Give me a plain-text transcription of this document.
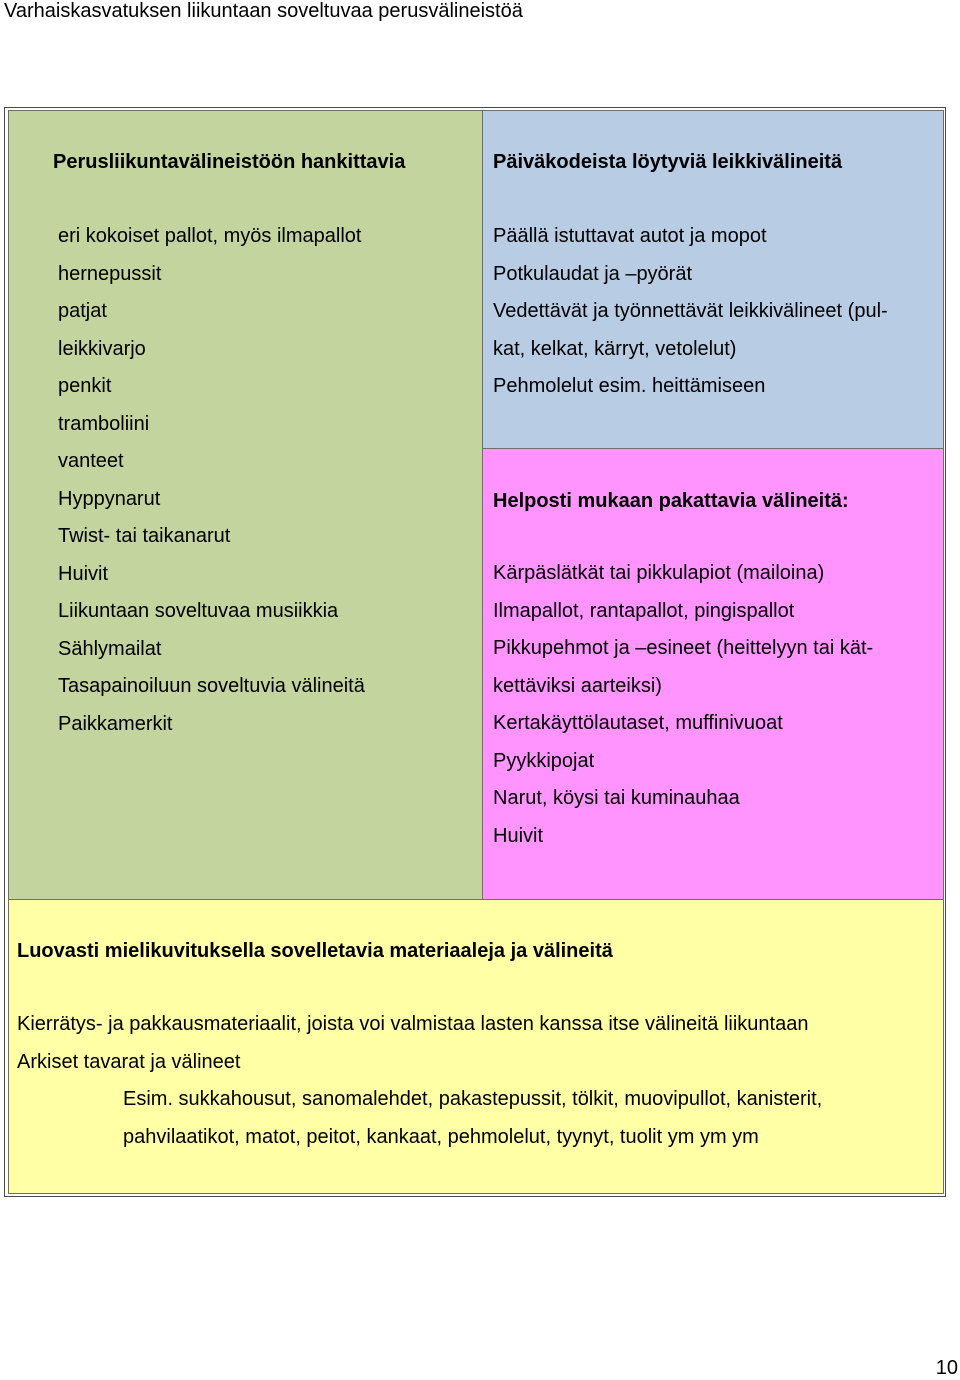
Varhaiskasvatuksen liikuntaan soveltuvaa perusvälineistöä
Perusliikuntavälineistöön hankittavia
eri kokoiset pallot, myös ilmapallot
hernepussit
patjat
leikkivarjo
penkit
tramboliini
vanteet
Hyppynarut
Twist- tai taikanarut
Huivit
Liikuntaan soveltuvaa musiikkia
Sählymailat
Tasapainoiluun soveltuvia välineitä
Paikkamerkit
Päiväkodeista löytyviä leikkivälineitä
Päällä istuttavat autot ja mopot
Potkulaudat ja –pyörät
Vedettävät ja työnnettävät leikkivälineet (pul-
kat, kelkat, kärryt, vetolelut)
Pehmolelut esim. heittämiseen
Helposti mukaan pakattavia välineitä:
Kärpäslätkät tai pikkulapiot (mailoina)
Ilmapallot, rantapallot, pingispallot
Pikkupehmot ja –esineet (heittelyyn tai kät-
kettäviksi aarteiksi)
Kertakäyttölautaset, muffinivuoat
Pyykkipojat
Narut, köysi tai kuminauhaa
Huivit
Luovasti mielikuvituksella sovelletavia materiaaleja ja välineitä
Kierrätys- ja pakkausmateriaalit, joista voi valmistaa lasten kanssa itse välineitä liikuntaan
Arkiset tavarat ja välineet
Esim. sukkahousut, sanomalehdet, pakastepussit, tölkit, muovipullot, kanisterit,
pahvilaatikot, matot, peitot, kankaat, pehmolelut, tyynyt, tuolit ym ym ym
10
